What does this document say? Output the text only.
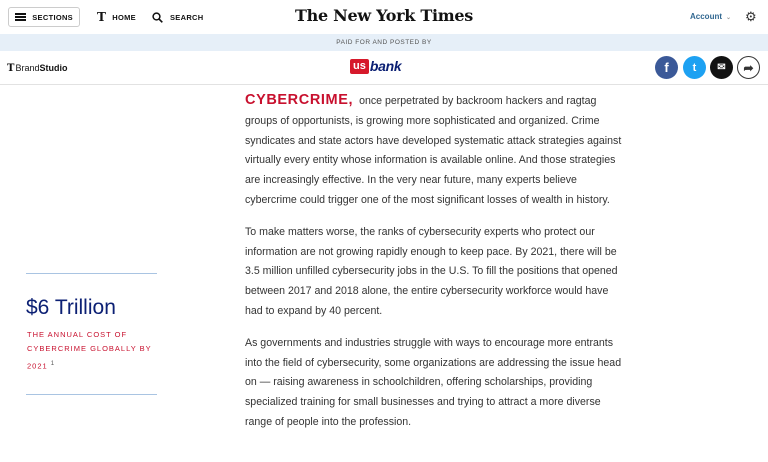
SECTIONS T HOME	SEARCH	The New York Times	Account ⌄ ⚙
PAID FOR AND POSTED BY
TBrandStudio	us bank	f t ✉ ➦

CYBERCRIME, once perpetrated by backroom hackers and ragtag groups of opportunists, is growing more sophisticated and organized. Crime syndicates and state actors have developed systematic attack strategies against virtually every entity whose information is available online. And those strategies are increasingly effective. In the very near future, many experts believe cybercrime could trigger one of the most significant losses of wealth in history.

To make matters worse, the ranks of cybersecurity experts who protect our information are not growing rapidly enough to keep pace. By 2021, there will be 3.5 million unfilled cybersecurity jobs in the U.S. To fill the positions that opened between 2017 and 2018 alone, the entire cybersecurity workforce would have had to expand by 40 percent.

As governments and industries struggle with ways to encourage more entrants into the field of cybersecurity, some organizations are addressing the issue head on — raising awareness in schoolchildren, offering scholarships, providing specialized training for small businesses and trying to attract a more diverse range of people into the profession.

$6 Trillion
THE ANNUAL COST OF CYBERCRIME GLOBALLY BY 2021 $^1$
